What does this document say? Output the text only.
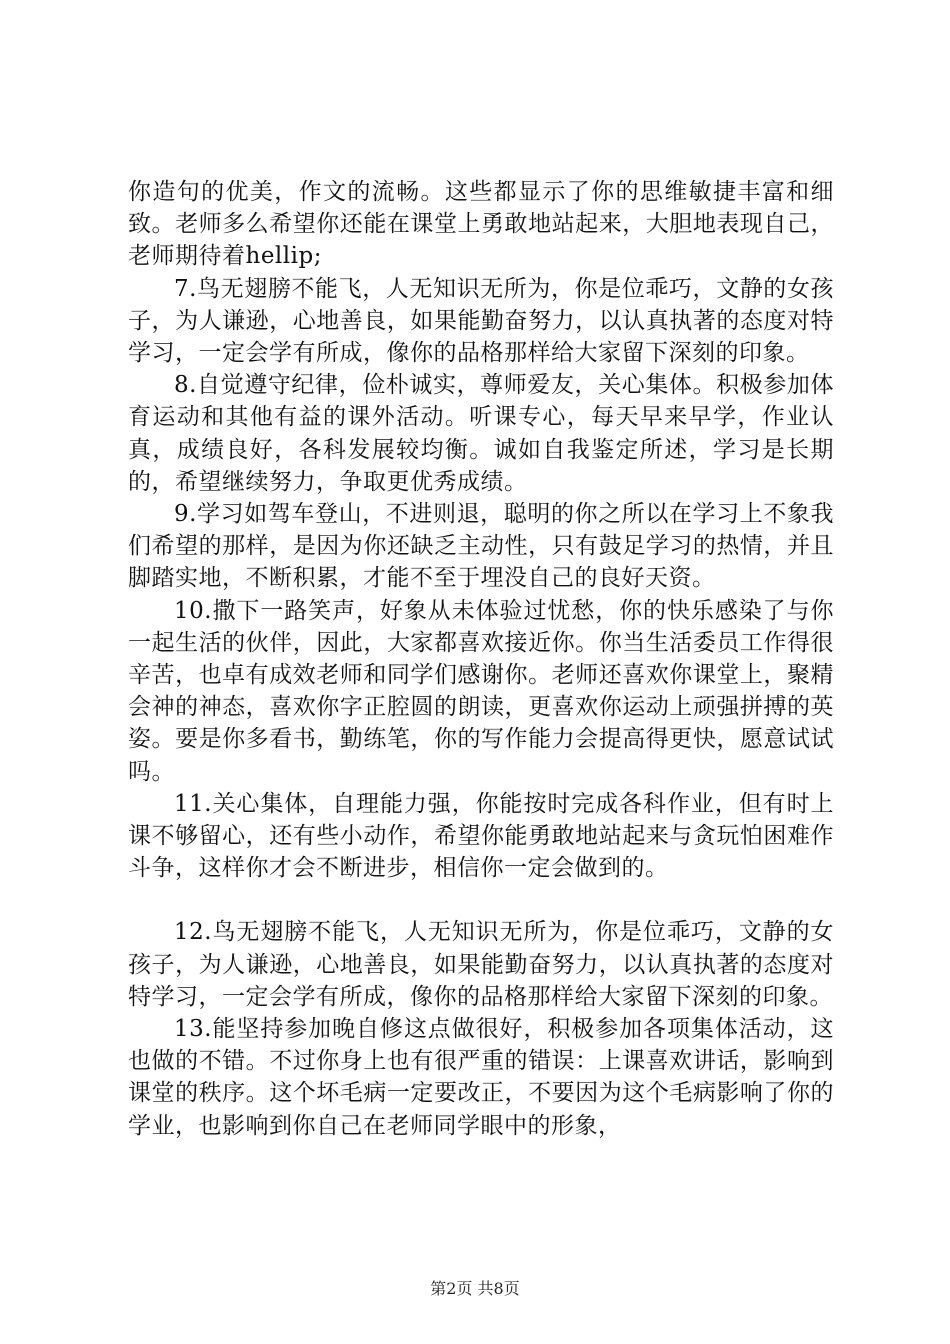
你造句的优美，作文的流畅。这些都显示了你的思维敏捷丰富和细致。老师多么希望你还能在课堂上勇敢地站起来，大胆地表现自己，老师期待着hellip;

7.鸟无翅膀不能飞，人无知识无所为，你是位乖巧，文静的女孩子，为人谦逊，心地善良，如果能勤奋努力，以认真执著的态度对特学习，一定会学有所成，像你的品格那样给大家留下深刻的印象。

8.自觉遵守纪律，俭朴诚实，尊师爱友，关心集体。积极参加体育运动和其他有益的课外活动。听课专心，每天早来早学，作业认真，成绩良好，各科发展较均衡。诚如自我鉴定所述，学习是长期的，希望继续努力，争取更优秀成绩。

9.学习如驾车登山，不进则退，聪明的你之所以在学习上不象我们希望的那样，是因为你还缺乏主动性，只有鼓足学习的热情，并且脚踏实地，不断积累，才能不至于埋没自己的良好天资。

10.撒下一路笑声，好象从未体验过忧愁，你的快乐感染了与你一起生活的伙伴，因此，大家都喜欢接近你。你当生活委员工作得很辛苦，也卓有成效老师和同学们感谢你。老师还喜欢你课堂上，聚精会神的神态，喜欢你字正腔圆的朗读，更喜欢你运动上顽强拼搏的英姿。要是你多看书，勤练笔，你的写作能力会提高得更快，愿意试试吗。

11.关心集体，自理能力强，你能按时完成各科作业，但有时上课不够留心，还有些小动作，希望你能勇敢地站起来与贪玩怕困难作斗争，这样你才会不断进步，相信你一定会做到的。

12.鸟无翅膀不能飞，人无知识无所为，你是位乖巧，文静的女孩子，为人谦逊，心地善良，如果能勤奋努力，以认真执著的态度对特学习，一定会学有所成，像你的品格那样给大家留下深刻的印象。

13.能坚持参加晚自修这点做很好，积极参加各项集体活动，这也做的不错。不过你身上也有很严重的错误：上课喜欢讲话，影响到课堂的秩序。这个坏毛病一定要改正，不要因为这个毛病影响了你的学业，也影响到你自己在老师同学眼中的形象，

第2页 共8页
